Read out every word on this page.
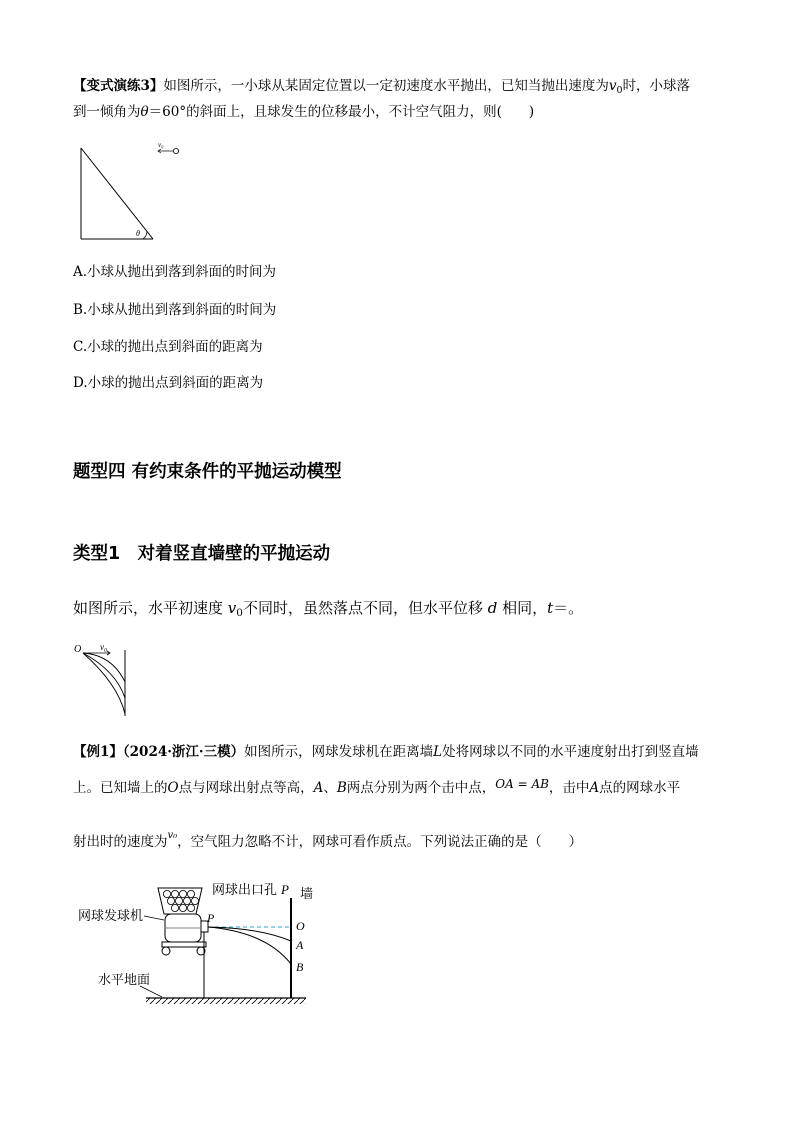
【变式演练3】如图所示，一小球从某固定位置以一定初速度水平抛出，已知当抛出速度为$v_0$时，小球落
到一倾角为θ＝60°的斜面上，且球发生的位移最小，不计空气阻力，则(　　)
θ
v₀
A.小球从抛出到落到斜面的时间为
B.小球从抛出到落到斜面的时间为
C.小球的抛出点到斜面的距离为
D.小球的抛出点到斜面的距离为
题型四 有约束条件的平抛运动模型
类型1　对着竖直墙壁的平抛运动
如图所示，水平初速度 $v_0$不同时，虽然落点不同，但水平位移 d 相同，t＝。
O v₀
【例1】（2024·浙江·三模）如图所示，网球发球机在距离墙L处将网球以不同的水平速度射出打到竖直墙
上。已知墙上的O点与网球出射点等高，A、B两点分别为两个击中点，OA = AB，击中A点的网球水平
射出时的速度为$^{v_0}$，空气阻力忽略不计，网球可看作质点。下列说法正确的是（　　）
网球出口孔 P 墙
P
O
A
B
网球发球机
水平地面
